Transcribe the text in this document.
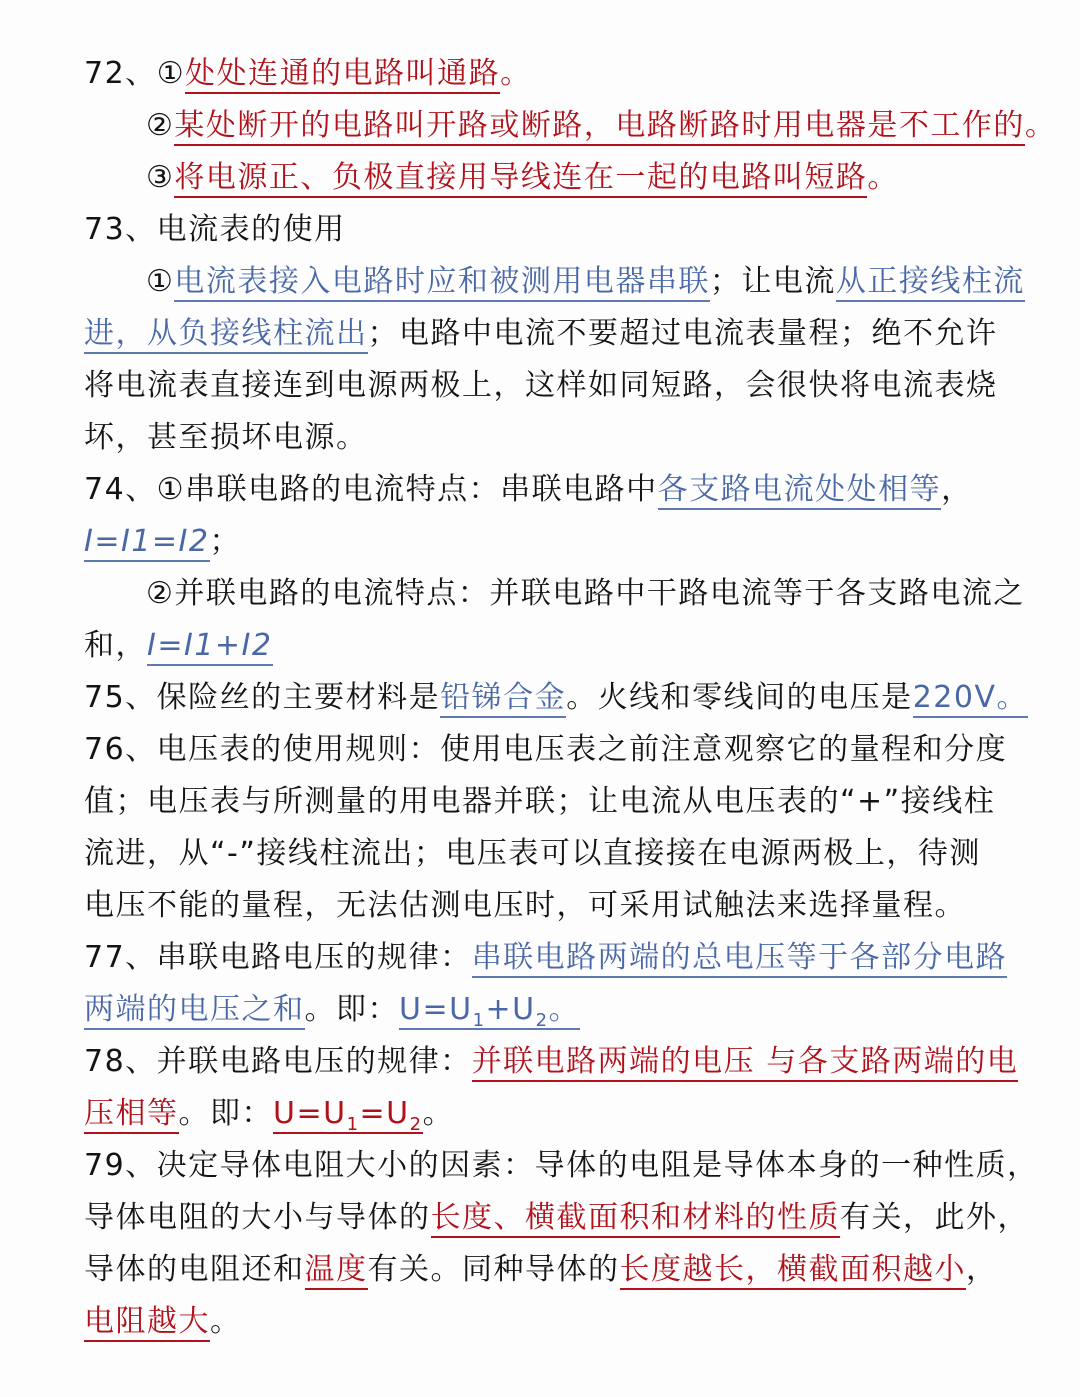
72、①处处连通的电路叫通路。
②某处断开的电路叫开路或断路，电路断路时用电器是不工作的。
③将电源正、负极直接用导线连在一起的电路叫短路。
73、电流表的使用
①电流表接入电路时应和被测用电器串联；让电流从正接线柱流
进，从负接线柱流出；电路中电流不要超过电流表量程；绝不允许
将电流表直接连到电源两极上，这样如同短路，会很快将电流表烧
坏，甚至损坏电源。
74、①串联电路的电流特点：串联电路中各支路电流处处相等，
I=I1=I2；
②并联电路的电流特点：并联电路中干路电流等于各支路电流之
和，I=I1+I2
75、保险丝的主要材料是铅锑合金。火线和零线间的电压是220V。
76、电压表的使用规则：使用电压表之前注意观察它的量程和分度
值；电压表与所测量的用电器并联；让电流从电压表的“+”接线柱
流进，从“-”接线柱流出；电压表可以直接接在电源两极上，待测
电压不能的量程，无法估测电压时，可采用试触法来选择量程。
77、串联电路电压的规律：串联电路两端的总电压等于各部分电路
两端的电压之和。即：$U=U_1+U_2$。
78、并联电路电压的规律：并联电路两端的电压 与各支路两端的电
压相等。即：$U=U_1=U_2$。
79、决定导体电阻大小的因素：导体的电阻是导体本身的一种性质，
导体电阻的大小与导体的长度、横截面积和材料的性质有关，此外，
导体的电阻还和温度有关。同种导体的长度越长，横截面积越小，
电阻越大。
